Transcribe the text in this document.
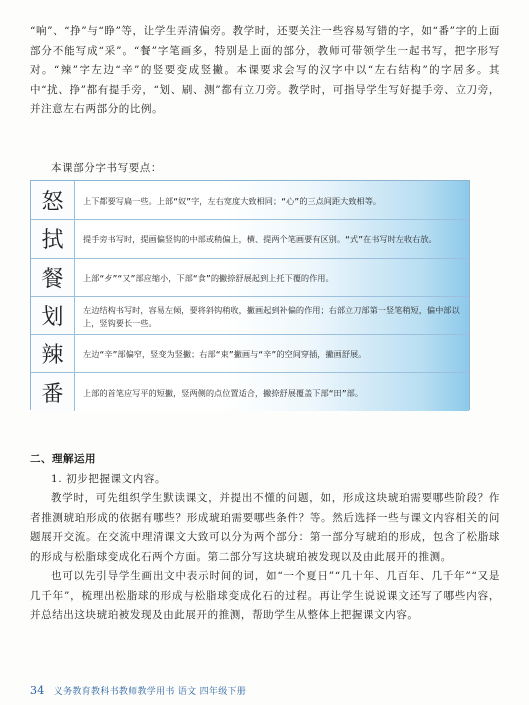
“响”、“挣”与“睁”等，让学生弄清偏旁。教学时，还要关注一些容易写错的字，如“番”字的上面部分不能写成“采”。“餐”字笔画多，特别是上面的部分，教师可带领学生一起书写，把字形写对。“辣”字左边“辛”的竖要变成竖撇。本课要求会写的汉字中以“左右结构”的字居多。其中“扰、挣”都有提手旁，“划、刷、测”都有立刀旁。教学时，可指导学生写好提手旁、立刀旁，并注意左右两部分的比例。

本课部分字书写要点：

怒	上下都要写扁一些。上部“奴”字，左右宽度大致相同；“心”的三点间距大致相等。
拭	提手旁书写时，提画偏竖钩的中部或稍偏上，横、提两个笔画要有区别。“式”在书写时左收右放。
餐	上部“歺”“又”部应缩小，下部“食”的撇捺舒展起到上托下覆的作用。
划	左边结构书写时，容易左倾，要将斜钩稍收，撇画起到补偏的作用；右部立刀部第一竖笔稍短，偏中部以上，竖钩要长一些。
辣	左边“辛”部偏窄，竖变为竖撇；右部“束”撇画与“辛”的空间穿插，撇画舒展。
番	上部的首笔应写平的短撇，竖两侧的点位置适合，撇捺舒展覆盖下部“田”部。

二、理解运用

1. 初步把握课文内容。

教学时，可先组织学生默读课文，并提出不懂的问题，如，形成这块琥珀需要哪些阶段？作者推测琥珀形成的依据有哪些？形成琥珀需要哪些条件？等。然后选择一些与课文内容相关的问题展开交流。在交流中理清课文大致可以分为两个部分：第一部分写琥珀的形成，包含了松脂球的形成与松脂球变成化石两个方面。第二部分写这块琥珀被发现以及由此展开的推测。

也可以先引导学生画出文中表示时间的词，如“一个夏日”“几十年、几百年、几千年”“又是几千年”，梳理出松脂球的形成与松脂球变成化石的过程。再让学生说说课文还写了哪些内容，并总结出这块琥珀被发现及由此展开的推测，帮助学生从整体上把握课文内容。

34 义务教育教科书教师教学用书 语文 四年级下册
